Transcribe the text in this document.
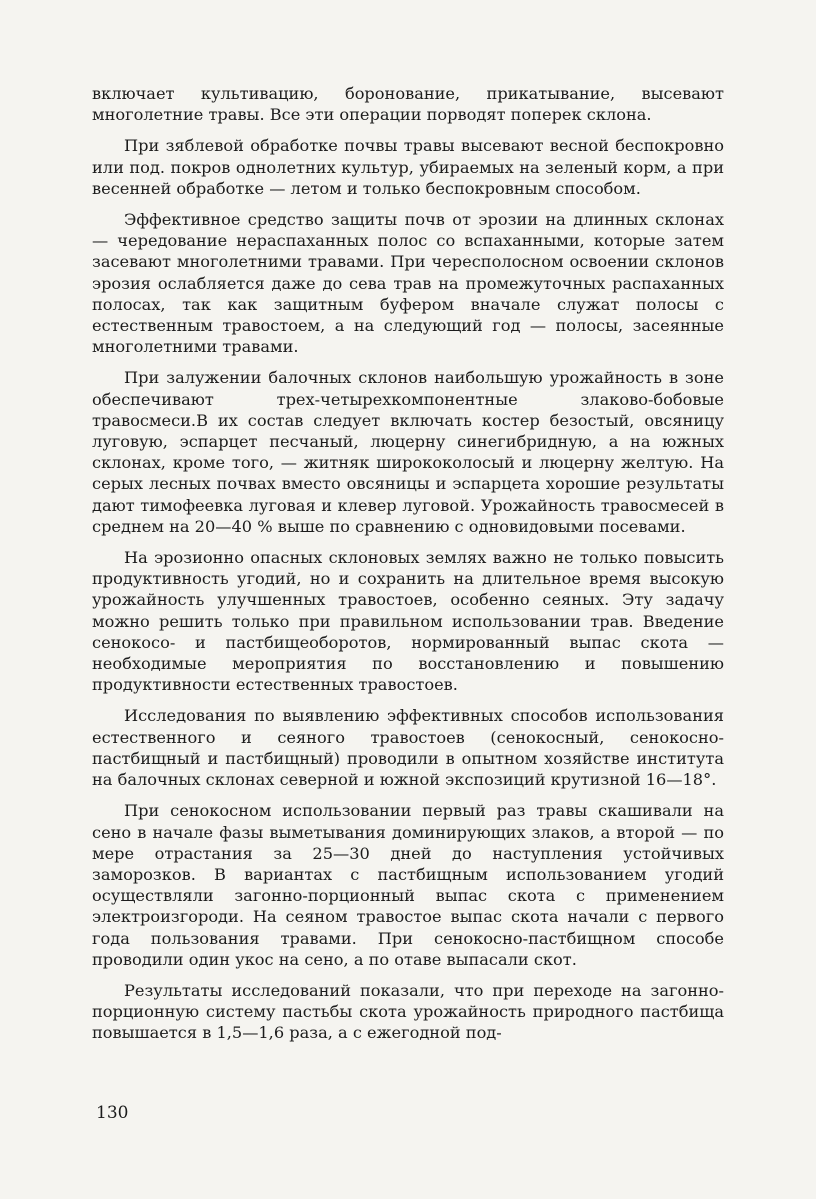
включает культивацию, боронование, прикатывание, высевают многолетние травы. Все эти операции порводят поперек склона.

При зяблевой обработке почвы травы высевают весной беспокровно или под. покров однолетних культур, убираемых на зеленый корм, а при весенней обработке — летом и только беспокровным способом.

Эффективное средство защиты почв от эрозии на длинных склонах — чередование нераспаханных полос со вспаханными, которые затем засевают многолетними травами. При чересполосном освоении склонов эрозия ослабляется даже до сева трав на промежуточных распаханных полосах, так как защитным буфером вначале служат полосы с естественным травостоем, а на следующий год — полосы, засеянные многолетними травами.

При залужении балочных склонов наибольшую урожайность в зоне обеспечивают трех-четырехкомпонентные злаково-бобовые травосмеси.В их состав следует включать костер безостый, овсяницу луговую, эспарцет песчаный, люцерну синегибридную, а на южных склонах, кроме того, — житняк ширококолосый и люцерну желтую. На серых лесных почвах вместо овсяницы и эспарцета хорошие результаты дают тимофеевка луговая и клевер луговой. Урожайность травосмесей в среднем на 20—40 % выше по сравнению с одновидовыми посевами.

На эрозионно опасных склоновых землях важно не только повысить продуктивность угодий, но и сохранить на длительное время высокую урожайность улучшенных травостоев, особенно сеяных. Эту задачу можно решить только при правильном использовании трав. Введение сенокосо- и пастбищеоборотов, нормированный выпас скота — необходимые мероприятия по восстановлению и повышению продуктивности естественных травостоев.

Исследования по выявлению эффективных способов использования естественного и сеяного травостоев (сенокосный, сенокосно-пастбищный и пастбищный) проводили в опытном хозяйстве института на балочных склонах северной и южной экспозиций крутизной 16—18°.

При сенокосном использовании первый раз травы скашивали на сено в начале фазы выметывания доминирующих злаков, а второй — по мере отрастания за 25—30 дней до наступления устойчивых заморозков. В вариантах с пастбищным использованием угодий осуществляли загонно-порционный выпас скота с применением электроизгороди. На сеяном травостое выпас скота начали с первого года пользования травами. При сенокосно-пастбищном способе проводили один укос на сено, а по отаве выпасали скот.

Результаты исследований показали, что при переходе на загонно-порционную систему пастьбы скота урожайность природного пастбища повышается в 1,5—1,6 раза, а с ежегодной под-

130
